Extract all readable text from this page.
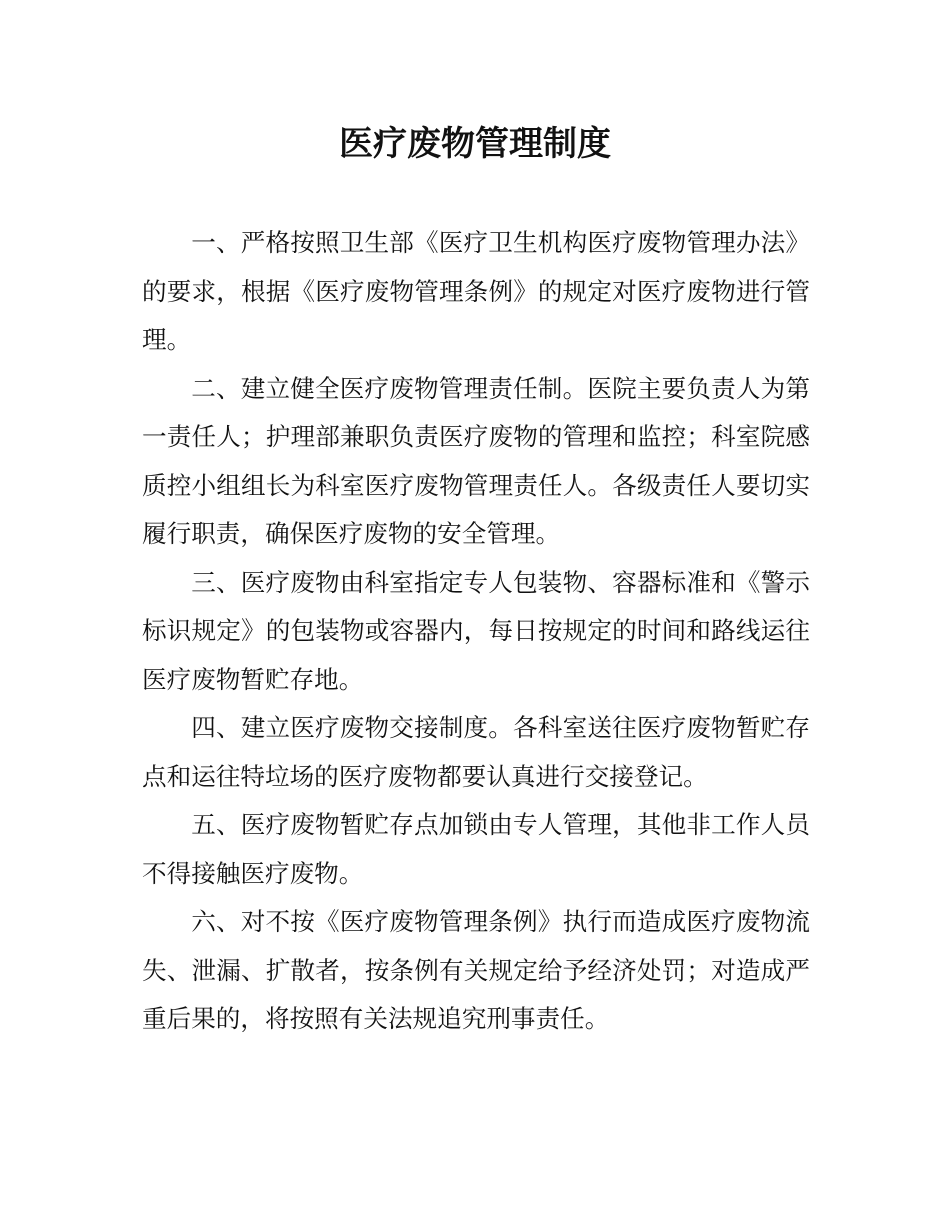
医疗废物管理制度

一、严格按照卫生部《医疗卫生机构医疗废物管理办法》的要求，根据《医疗废物管理条例》的规定对医疗废物进行管理。

二、建立健全医疗废物管理责任制。医院主要负责人为第一责任人；护理部兼职负责医疗废物的管理和监控；科室院感质控小组组长为科室医疗废物管理责任人。各级责任人要切实履行职责，确保医疗废物的安全管理。

三、医疗废物由科室指定专人包装物、容器标准和《警示标识规定》的包装物或容器内，每日按规定的时间和路线运往医疗废物暂贮存地。

四、建立医疗废物交接制度。各科室送往医疗废物暂贮存点和运往特垃场的医疗废物都要认真进行交接登记。

五、医疗废物暂贮存点加锁由专人管理，其他非工作人员不得接触医疗废物。

六、对不按《医疗废物管理条例》执行而造成医疗废物流失、泄漏、扩散者，按条例有关规定给予经济处罚；对造成严重后果的，将按照有关法规追究刑事责任。
